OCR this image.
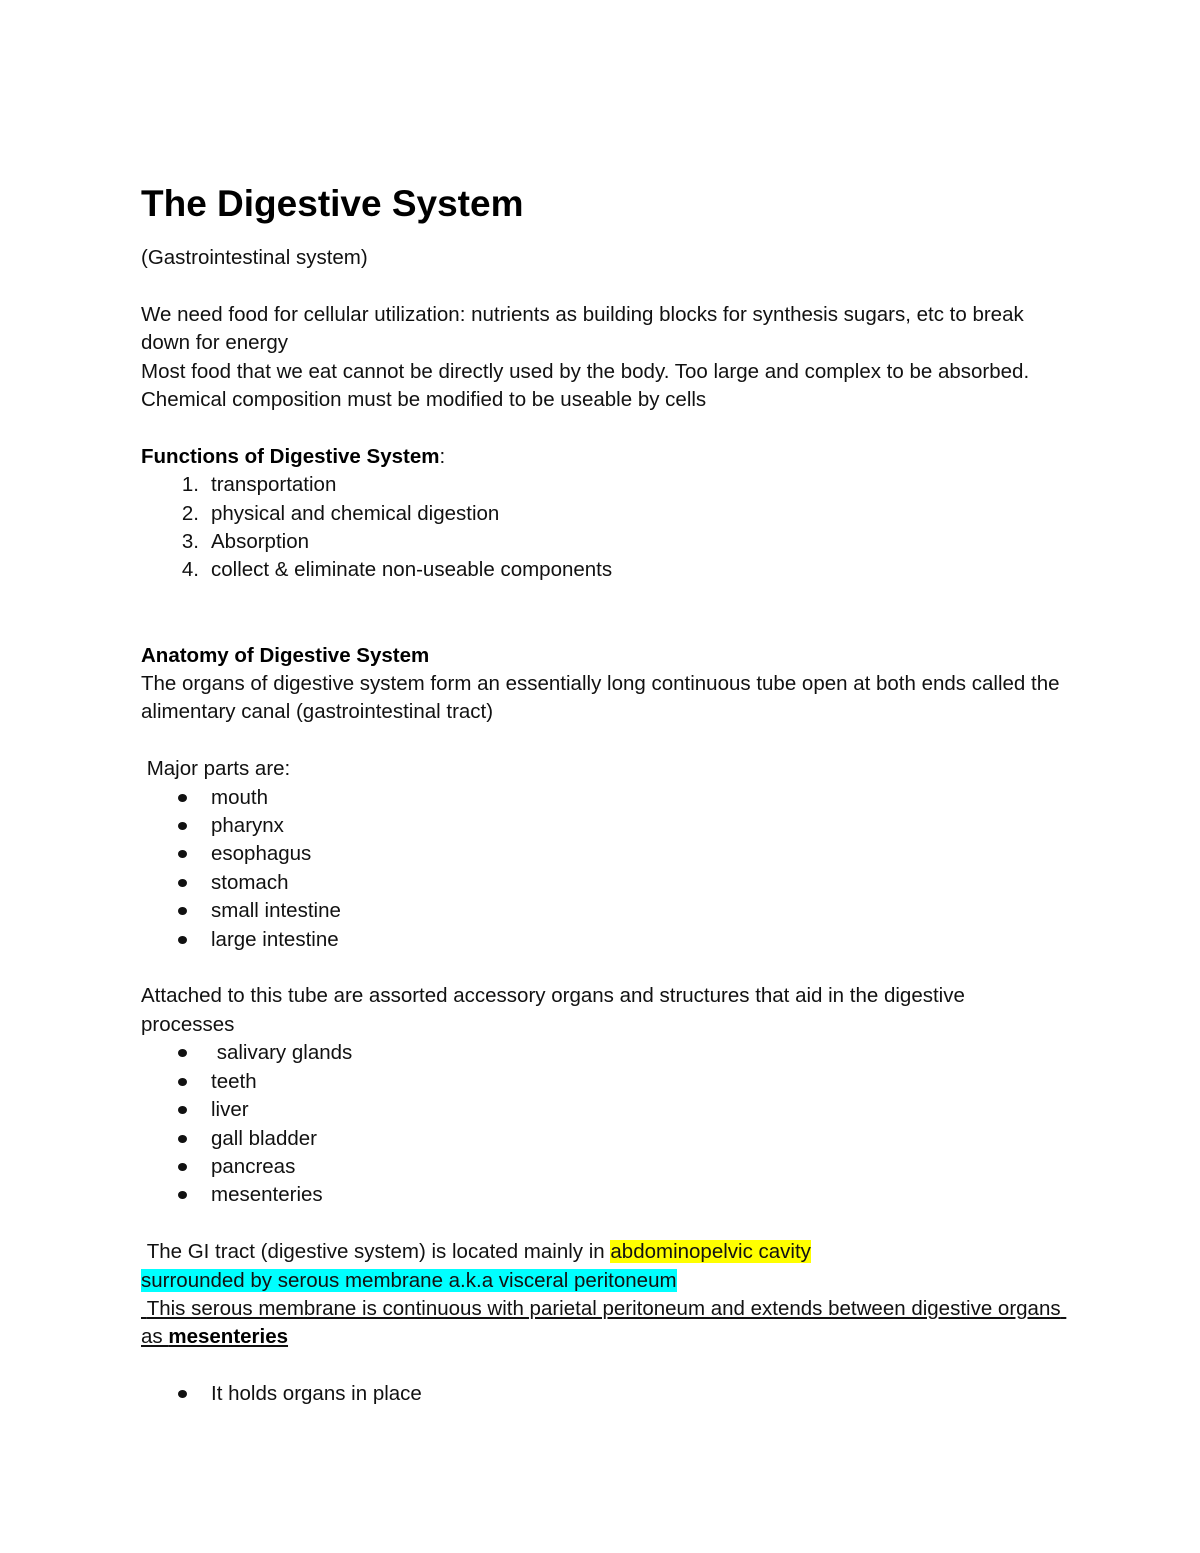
The Digestive System

(Gastrointestinal system)

We need food for cellular utilization: nutrients as building blocks for synthesis sugars, etc to break down for energy

Most food that we eat cannot be directly used by the body. Too large and complex to be absorbed. Chemical composition must be modified to be useable by cells

Functions of Digestive System:

1. transportation
2. physical and chemical digestion
3. Absorption
4. collect & eliminate non-useable components

Anatomy of Digestive System

The organs of digestive system form an essentially long continuous tube open at both ends called the alimentary canal (gastrointestinal tract)

Major parts are:

mouth
pharynx
esophagus
stomach
small intestine
large intestine

Attached to this tube are assorted accessory organs and structures that aid in the digestive processes

salivary glands
teeth
liver
gall bladder
pancreas
mesenteries

The GI tract (digestive system) is located mainly in abdominopelvic cavity

surrounded by serous membrane a.k.a visceral peritoneum

This serous membrane is continuous with parietal peritoneum and extends between digestive organs as mesenteries

It holds organs in place
